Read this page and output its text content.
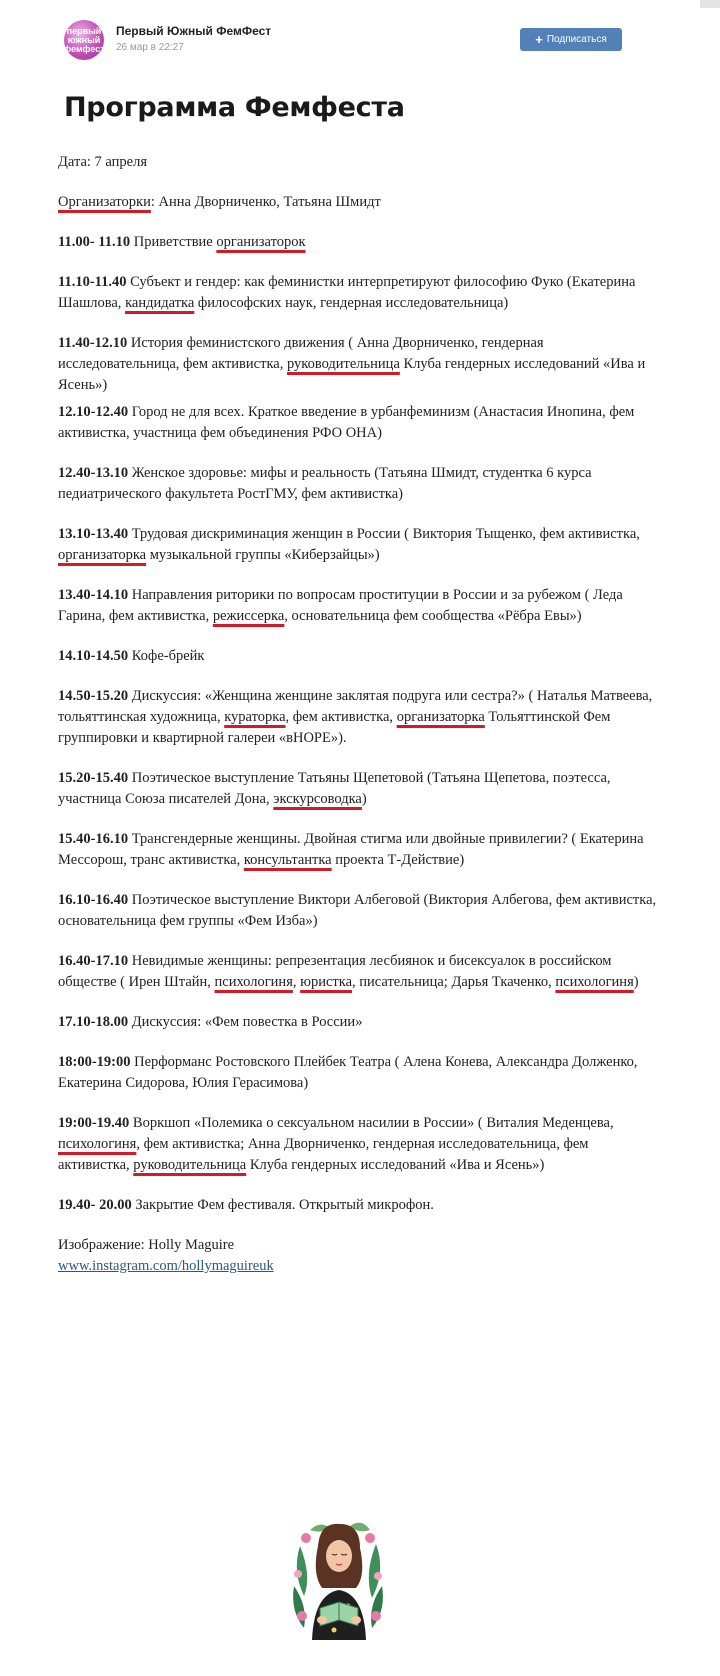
первый южный фемфест
Первый Южный ФемФест
26 мар в 22:27
+ Подписаться
Программа Фемфеста

Дата: 7 апреля

Организаторки: Анна Дворниченко, Татьяна Шмидт

11.00- 11.10 Приветствие организаторок

11.10-11.40 Субъект и гендер: как феминистки интерпретируют философию Фуко (Екатерина Шашлова, кандидатка философских наук, гендерная исследовательница)

11.40-12.10 История феминистского движения ( Анна Дворниченко, гендерная исследовательница, фем активистка, руководительница Клуба гендерных исследований «Ива и Ясень»)

12.10-12.40 Город не для всех. Краткое введение в урбанфеминизм (Анастасия Инопина, фем активистка, участница фем объединения РФО ОНА)

12.40-13.10 Женское здоровье: мифы и реальность (Татьяна Шмидт, студентка 6 курса педиатрического факультета РостГМУ, фем активистка)

13.10-13.40 Трудовая дискриминация женщин в России ( Виктория Тыщенко, фем активистка, организаторка музыкальной группы «Киберзайцы»)

13.40-14.10 Направления риторики по вопросам проституции в России и за рубежом ( Леда Гарина, фем активистка, режиссерка, основательница фем сообщества «Рёбра Евы»)

14.10-14.50 Кофе-брейк

14.50-15.20 Дискуссия: «Женщина женщине заклятая подруга или сестра?» ( Наталья Матвеева, тольяттинская художница, кураторка, фем активистка, организаторка Тольяттинской Фем группировки и квартирной галереи «вНОРЕ»).

15.20-15.40 Поэтическое выступление Татьяны Щепетовой (Татьяна Щепетова, поэтесса, участница Союза писателей Дона, экскурсоводка)

15.40-16.10 Трансгендерные женщины. Двойная стигма или двойные привилегии? ( Екатерина Мессорош, транс активистка, консультантка проекта Т-Действие)

16.10-16.40 Поэтическое выступление Виктори Албеговой (Виктория Албегова, фем активистка, основательница фем группы «Фем Изба»)

16.40-17.10 Невидимые женщины: репрезентация лесбиянок и бисексуалок в российском обществе ( Ирен Штайн, психологиня, юристка, писательница; Дарья Ткаченко, психологиня)

17.10-18.00 Дискуссия: «Фем повестка в России»

18:00-19:00 Перформанс Ростовского Плейбек Театра ( Алена Конева, Александра Долженко, Екатерина Сидорова, Юлия Герасимова)

19:00-19.40 Воркшоп «Полемика о сексуальном насилии в России» ( Виталия Меденцева, психологиня, фем активистка; Анна Дворниченко, гендерная исследовательница, фем активистка, руководительница Клуба гендерных исследований «Ива и Ясень»)

19.40- 20.00 Закрытие Фем фестиваля. Открытый микрофон.

Изображение: Holly Maguire

www.instagram.com/hollymaguireuk
